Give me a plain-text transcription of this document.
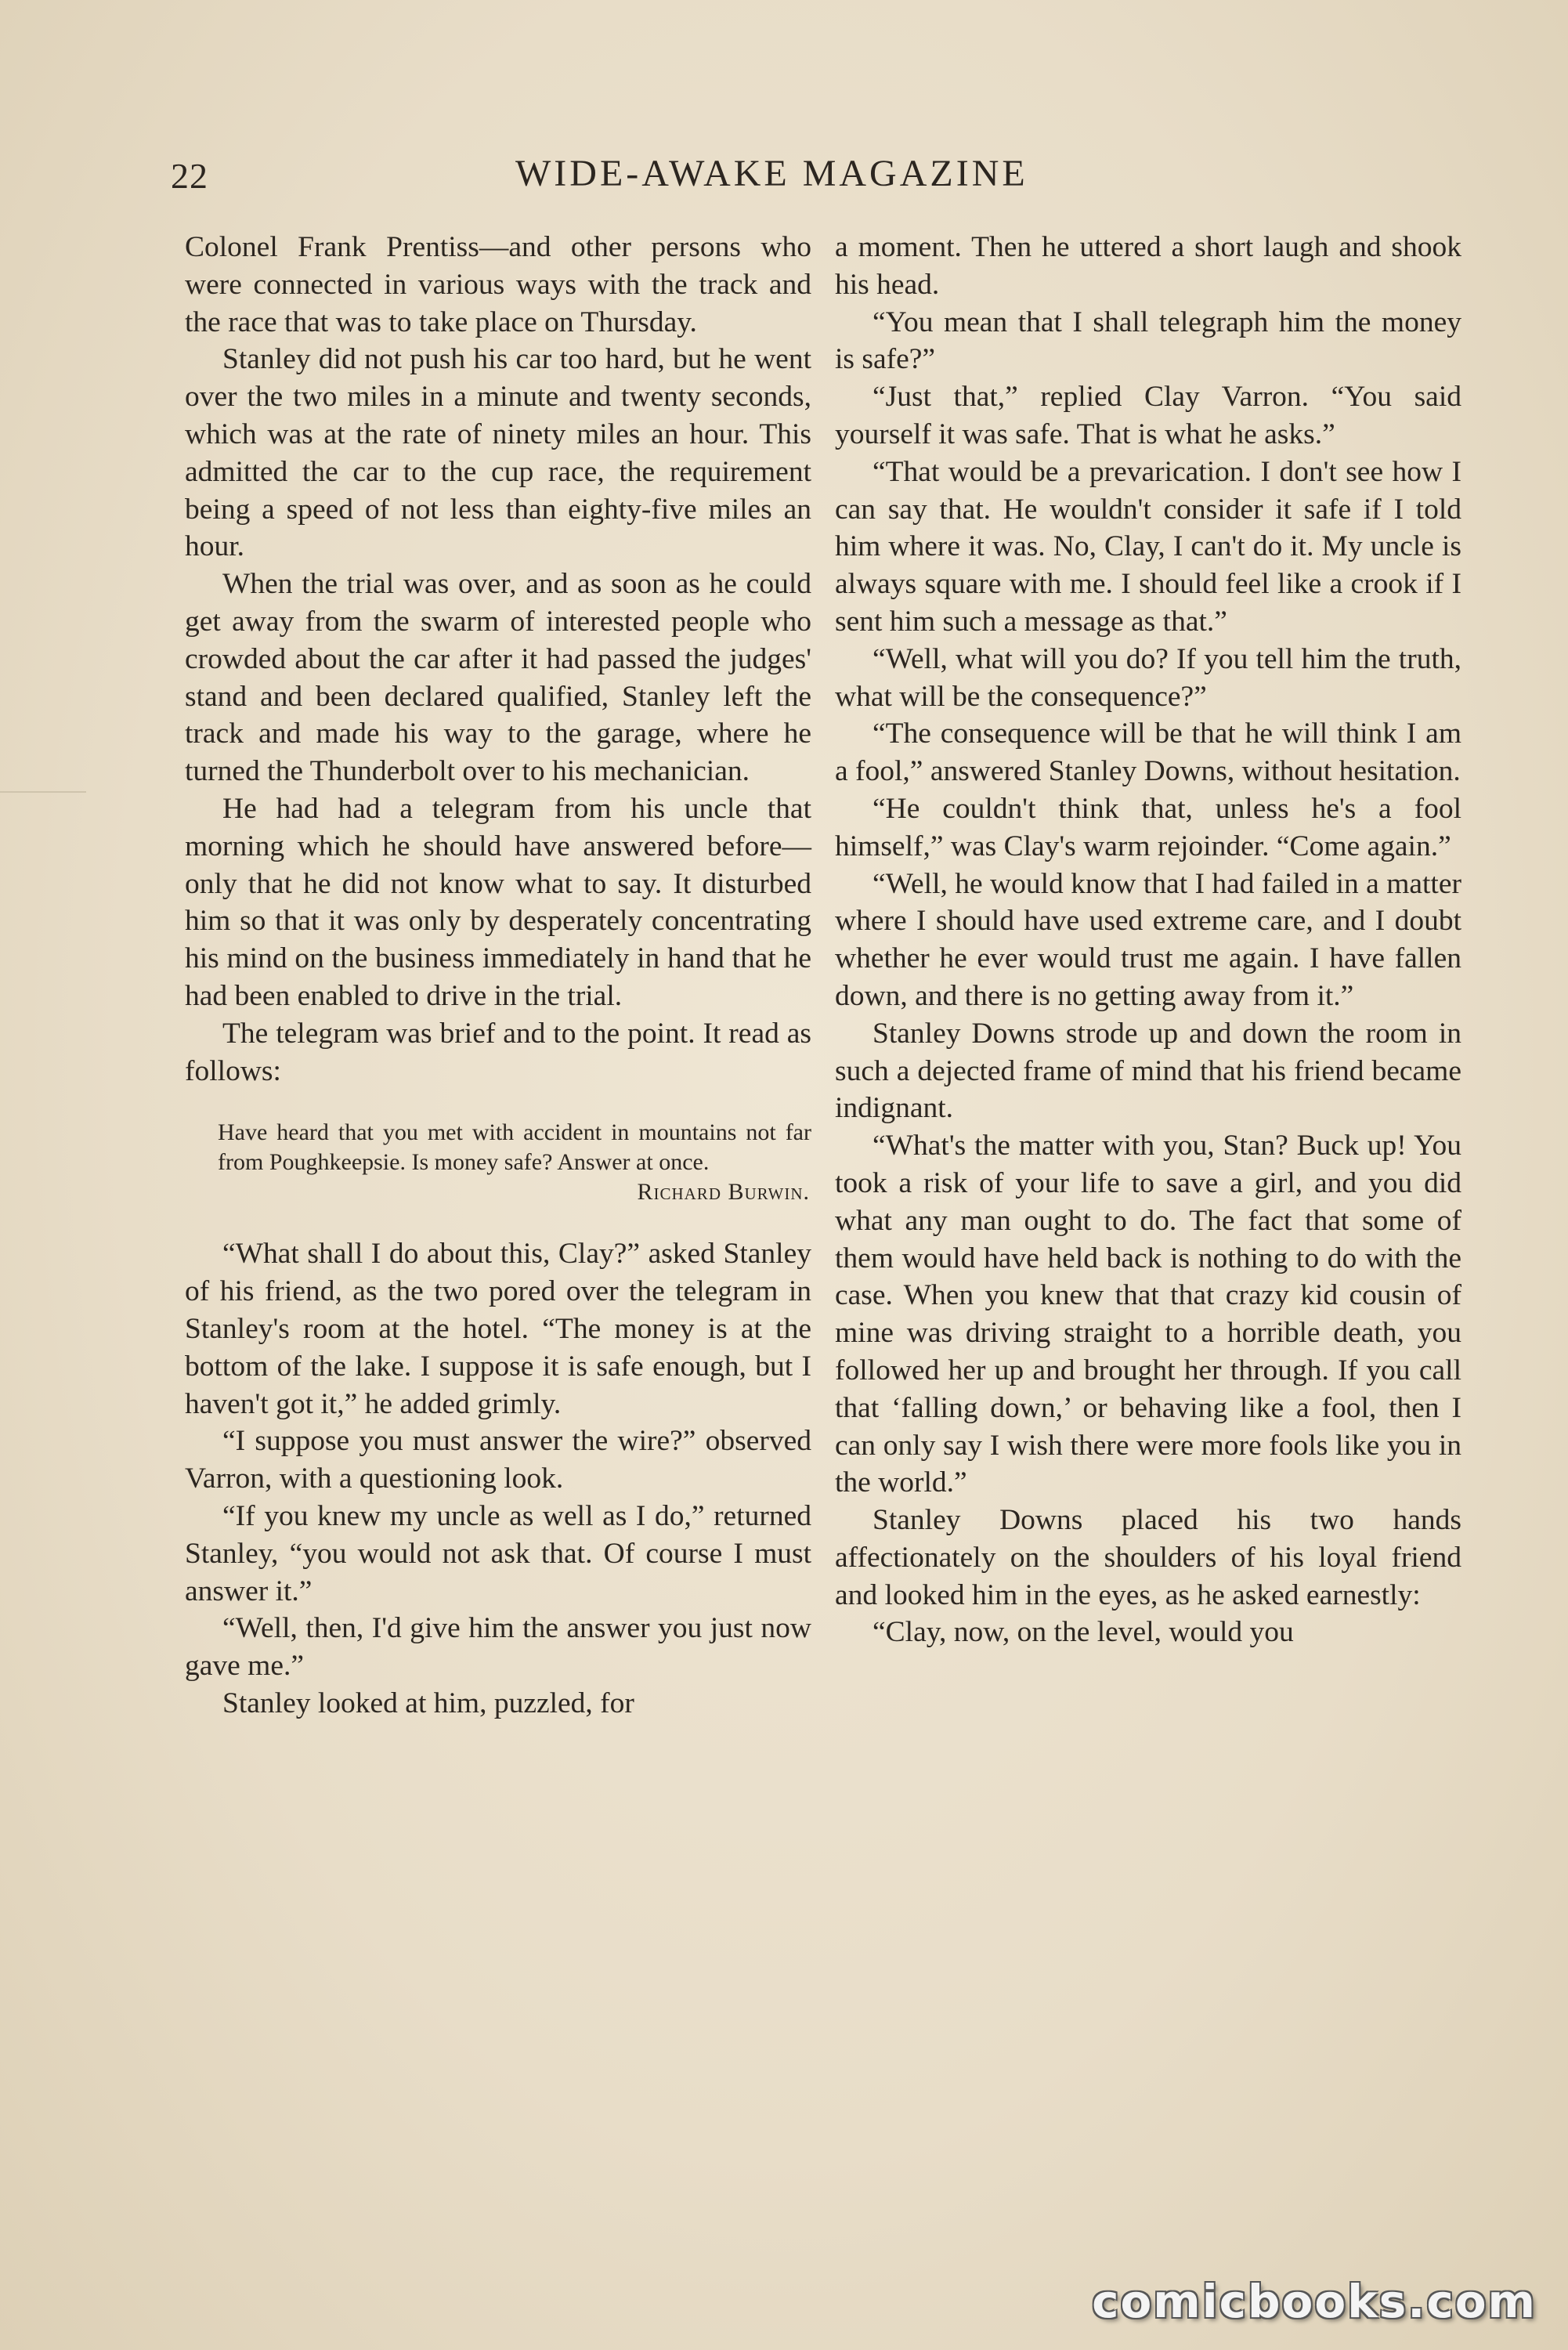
22	WIDE-AWAKE MAGAZINE

Colonel Frank Prentiss—and other persons who were connected in various ways with the track and the race that was to take place on Thursday.

Stanley did not push his car too hard, but he went over the two miles in a minute and twenty seconds, which was at the rate of ninety miles an hour. This admitted the car to the cup race, the requirement being a speed of not less than eighty-five miles an hour.

When the trial was over, and as soon as he could get away from the swarm of interested people who crowded about the car after it had passed the judges' stand and been declared qualified, Stanley left the track and made his way to the garage, where he turned the Thunderbolt over to his mechanician.

He had had a telegram from his uncle that morning which he should have answered before—only that he did not know what to say. It disturbed him so that it was only by desperately concentrating his mind on the business immediately in hand that he had been enabled to drive in the trial.

The telegram was brief and to the point. It read as follows:

Have heard that you met with accident in mountains not far from Poughkeepsie. Is money safe? Answer at once.
Richard Burwin.

“What shall I do about this, Clay?” asked Stanley of his friend, as the two pored over the telegram in Stanley's room at the hotel. “The money is at the bottom of the lake. I suppose it is safe enough, but I haven't got it,” he added grimly.

“I suppose you must answer the wire?” observed Varron, with a questioning look.

“If you knew my uncle as well as I do,” returned Stanley, “you would not ask that. Of course I must answer it.”

“Well, then, I'd give him the answer you just now gave me.”

Stanley looked at him, puzzled, for

a moment. Then he uttered a short laugh and shook his head.

“You mean that I shall telegraph him the money is safe?”

“Just that,” replied Clay Varron. “You said yourself it was safe. That is what he asks.”

“That would be a prevarication. I don't see how I can say that. He wouldn't consider it safe if I told him where it was. No, Clay, I can't do it. My uncle is always square with me. I should feel like a crook if I sent him such a message as that.”

“Well, what will you do? If you tell him the truth, what will be the consequence?”

“The consequence will be that he will think I am a fool,” answered Stanley Downs, without hesitation.

“He couldn't think that, unless he's a fool himself,” was Clay's warm rejoinder. “Come again.”

“Well, he would know that I had failed in a matter where I should have used extreme care, and I doubt whether he ever would trust me again. I have fallen down, and there is no getting away from it.”

Stanley Downs strode up and down the room in such a dejected frame of mind that his friend became indignant.

“What's the matter with you, Stan? Buck up! You took a risk of your life to save a girl, and you did what any man ought to do. The fact that some of them would have held back is nothing to do with the case. When you knew that that crazy kid cousin of mine was driving straight to a horrible death, you followed her up and brought her through. If you call that ‘falling down,’ or behaving like a fool, then I can only say I wish there were more fools like you in the world.”

Stanley Downs placed his two hands affectionately on the shoulders of his loyal friend and looked him in the eyes, as he asked earnestly:

“Clay, now, on the level, would you

comicbooks.com
